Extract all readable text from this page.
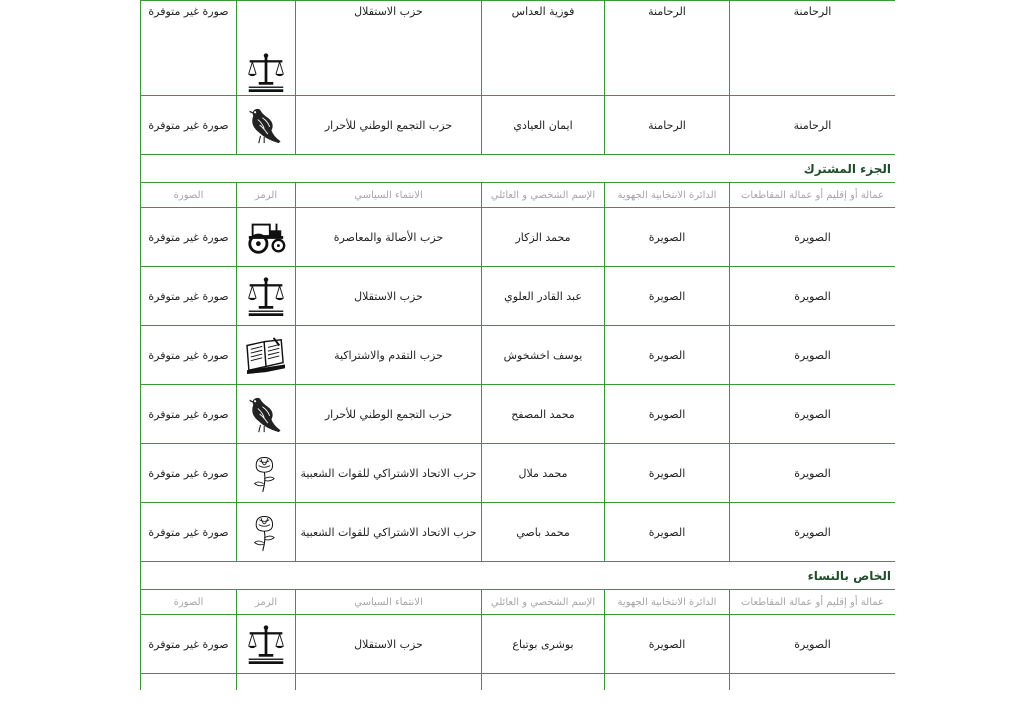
الرحامنة	الرحامنة	فوزية العداس	حزب الاستقلال		صورة غير متوفرة
الرحامنة	الرحامنة	ايمان العيادي	حزب التجمع الوطني للأحرار		صورة غير متوفرة
الجزء المشترك					
عمالة أو إقليم أو عمالة المقاطعات	الدائرة الانتخابية الجهوية	الإسم الشخصي و العائلي	الانتماء السياسي	الرمز	الصورة
الصويرة	الصويرة	محمد الزكار	حزب الأصالة والمعاصرة		صورة غير متوفرة
الصويرة	الصويرة	عبد القادر العلوي	حزب الاستقلال		صورة غير متوفرة
الصويرة	الصويرة	يوسف اخشخوش	حزب التقدم والاشتراكية		صورة غير متوفرة
الصويرة	الصويرة	محمد المصفح	حزب التجمع الوطني للأحرار		صورة غير متوفرة
الصويرة	الصويرة	محمد ملال	حزب الاتحاد الاشتراكي للقوات الشعبية		صورة غير متوفرة
الصويرة	الصويرة	محمد باصي	حزب الاتحاد الاشتراكي للقوات الشعبية		صورة غير متوفرة
الخاص بالنساء					
عمالة أو إقليم أو عمالة المقاطعات	الدائرة الانتخابية الجهوية	الإسم الشخصي و العائلي	الانتماء السياسي	الرمز	الصورة
الصويرة	الصويرة	بوشرى بوتباع	حزب الاستقلال		صورة غير متوفرة
